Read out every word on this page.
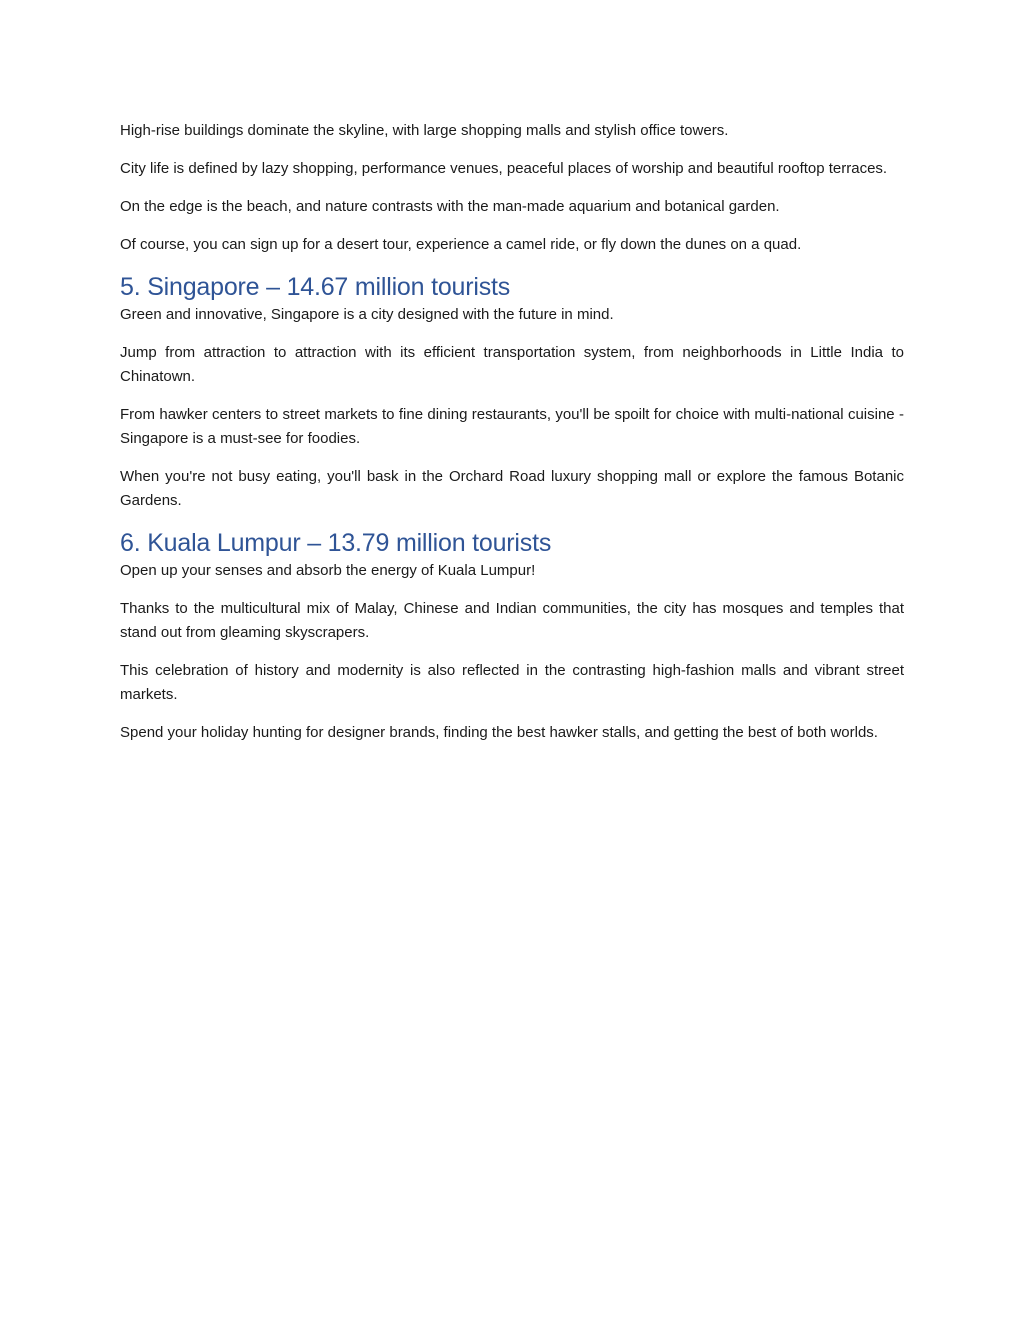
High-rise buildings dominate the skyline, with large shopping malls and stylish office towers.

City life is defined by lazy shopping, performance venues, peaceful places of worship and beautiful rooftop terraces.

On the edge is the beach, and nature contrasts with the man-made aquarium and botanical garden.

Of course, you can sign up for a desert tour, experience a camel ride, or fly down the dunes on a quad.

5. Singapore – 14.67 million tourists

Green and innovative, Singapore is a city designed with the future in mind.

Jump from attraction to attraction with its efficient transportation system, from neighborhoods in Little India to Chinatown.

From hawker centers to street markets to fine dining restaurants, you'll be spoilt for choice with multi-national cuisine - Singapore is a must-see for foodies.

When you're not busy eating, you'll bask in the Orchard Road luxury shopping mall or explore the famous Botanic Gardens.

6. Kuala Lumpur – 13.79 million tourists

Open up your senses and absorb the energy of Kuala Lumpur!

Thanks to the multicultural mix of Malay, Chinese and Indian communities, the city has mosques and temples that stand out from gleaming skyscrapers.

This celebration of history and modernity is also reflected in the contrasting high-fashion malls and vibrant street markets.

Spend your holiday hunting for designer brands, finding the best hawker stalls, and getting the best of both worlds.
